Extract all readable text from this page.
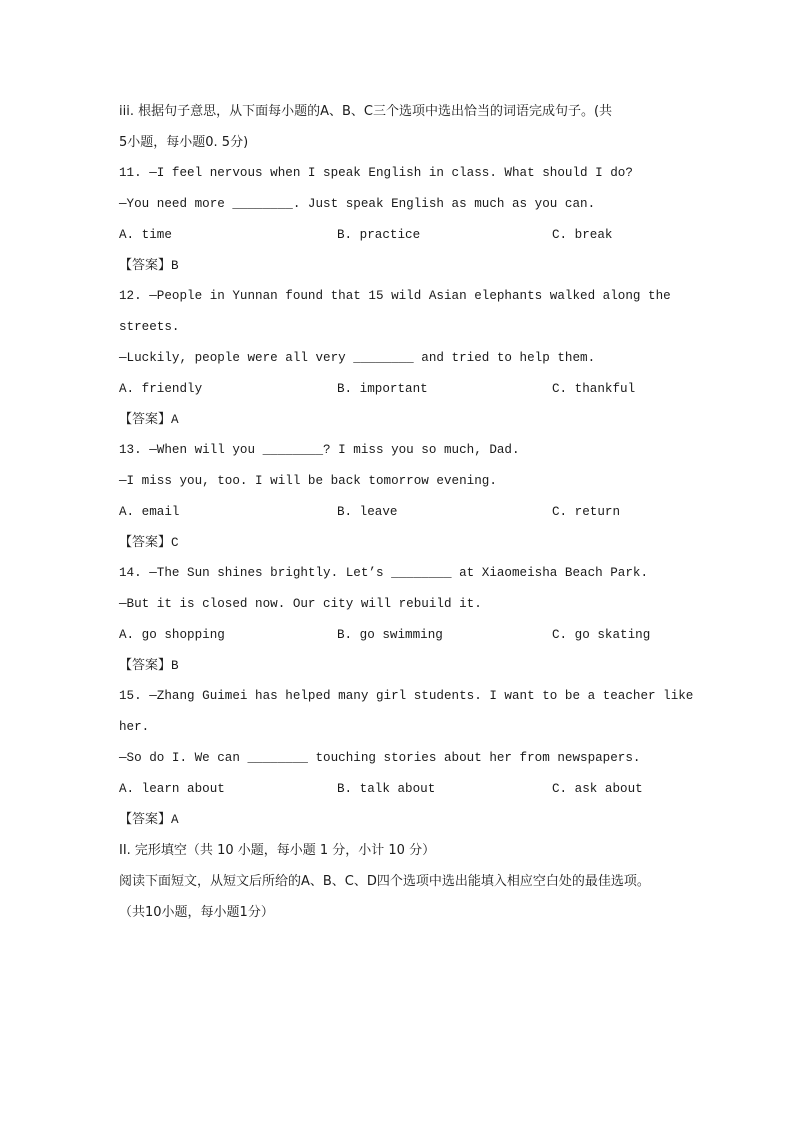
iii. 根据句子意思，从下面每小题的A、B、C三个选项中选出恰当的词语完成句子。(共
5小题，每小题0. 5分)
11. —I feel nervous when I speak English in class. What should I do?
—You need more ________. Just speak English as much as you can.
A. time	B. practice	C. break
【答案】B
12. —People in Yunnan found that 15 wild Asian elephants walked along the
streets.
—Luckily, people were all very ________ and tried to help them.
A. friendly	B. important	C. thankful
【答案】A
13. —When will you ________? I miss you so much, Dad.
—I miss you, too. I will be back tomorrow evening.
A. email	B. leave	C. return
【答案】C
14. —The Sun shines brightly. Let’s ________ at Xiaomeisha Beach Park.
—But it is closed now. Our city will rebuild it.
A. go shopping	B. go swimming	C. go skating
【答案】B
15. —Zhang Guimei has helped many girl students. I want to be a teacher like
her.
—So do I. We can ________ touching stories about her from newspapers.
A. learn about	B. talk about	C. ask about
【答案】A
II. 完形填空（共 10 小题，每小题 1 分，小计 10 分）
阅读下面短文，从短文后所给的A、B、C、D四个选项中选出能填入相应空白处的最佳选项。
（共10小题，每小题1分）
